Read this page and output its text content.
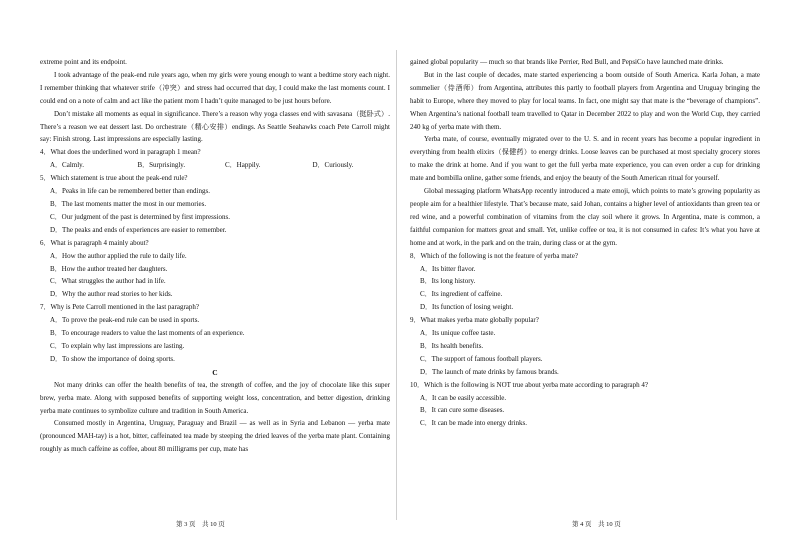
extreme point and its endpoint.

I took advantage of the peak-end rule years ago, when my girls were young enough to want a bedtime story each night. I remember thinking that whatever strife（冲突）and stress had occurred that day, I could make the last moments count. I could end on a note of calm and act like the patient mom I hadn’t quite managed to be just hours before.

Don’t mistake all moments as equal in significance. There’s a reason why yoga classes end with savasana（挺卧式）. There’s a reason we eat dessert last. Do orchestrate（精心安排）endings. As Seattle Seahawks coach Pete Carroll might say: Finish strong. Last impressions are especially lasting.

4．What does the underlined word in paragraph 1 mean?
A．Calmly.	B．Surprisingly.	C．Happily.	D．Curiously.
5．Which statement is true about the peak-end rule?
A．Peaks in life can be remembered better than endings.
B．The last moments matter the most in our memories.
C．Our judgment of the past is determined by first impressions.
D．The peaks and ends of experiences are easier to remember.
6．What is paragraph 4 mainly about?
A．How the author applied the rule to daily life.
B．How the author treated her daughters.
C．What struggles the author had in life.
D．Why the author read stories to her kids.
7．Why is Pete Carroll mentioned in the last paragraph?
A．To prove the peak-end rule can be used in sports.
B．To encourage readers to value the last moments of an experience.
C．To explain why last impressions are lasting.
D．To show the importance of doing sports.
C

Not many drinks can offer the health benefits of tea, the strength of coffee, and the joy of chocolate like this super brew, yerba mate. Along with supposed benefits of supporting weight loss, concentration, and better digestion, drinking yerba mate continues to symbolize culture and tradition in South America.

Consumed mostly in Argentina, Uruguay, Paraguay and Brazil — as well as in Syria and Lebanon — yerba mate (pronounced MAH-tay) is a hot, bitter, caffeinated tea made by steeping the dried leaves of the yerba mate plant. Containing roughly as much caffeine as coffee, about 80 milligrams per cup, mate has

gained global popularity — much so that brands like Perrier, Red Bull, and PepsiCo have launched mate drinks.

But in the last couple of decades, mate started experiencing a boom outside of South America. Karla Johan, a mate sommelier（侍酒师）from Argentina, attributes this partly to football players from Argentina and Uruguay bringing the habit to Europe, where they moved to play for local teams. In fact, one might say that mate is the “beverage of champions”. When Argentina’s national football team travelled to Qatar in December 2022 to play and won the World Cup, they carried 240 kg of yerba mate with them.

Yerba mate, of course, eventually migrated over to the U. S. and in recent years has become a popular ingredient in everything from health elixirs（保健药）to energy drinks. Loose leaves can be purchased at most specialty grocery stores to make the drink at home. And if you want to get the full yerba mate experience, you can even order a cup for drinking mate and bombilla online, gather some friends, and enjoy the beauty of the South American ritual for yourself.

Global messaging platform WhatsApp recently introduced a mate emoji, which points to mate’s growing popularity as people aim for a healthier lifestyle. That’s because mate, said Johan, contains a higher level of antioxidants than green tea or red wine, and a powerful combination of vitamins from the clay soil where it grows. In Argentina, mate is common, a faithful companion for matters great and small. Yet, unlike coffee or tea, it is not consumed in cafes: It’s what you have at home and at work, in the park and on the train, during class or at the gym.

8．Which of the following is not the feature of yerba mate?
A．Its bitter flavor.
B．Its long history.
C．Its ingredient of caffeine.
D．Its function of losing weight.
9．What makes yerba mate globally popular?
A．Its unique coffee taste.
B．Its health benefits.
C．The support of famous football players.
D．The launch of mate drinks by famous brands.
10．Which is the following is NOT true about yerba mate according to paragraph 4?
A．It can be easily accessible.
B．It can cure some diseases.
C．It can be made into energy drinks.
第 3 页　共 10 页	第 4 页　共 10 页
